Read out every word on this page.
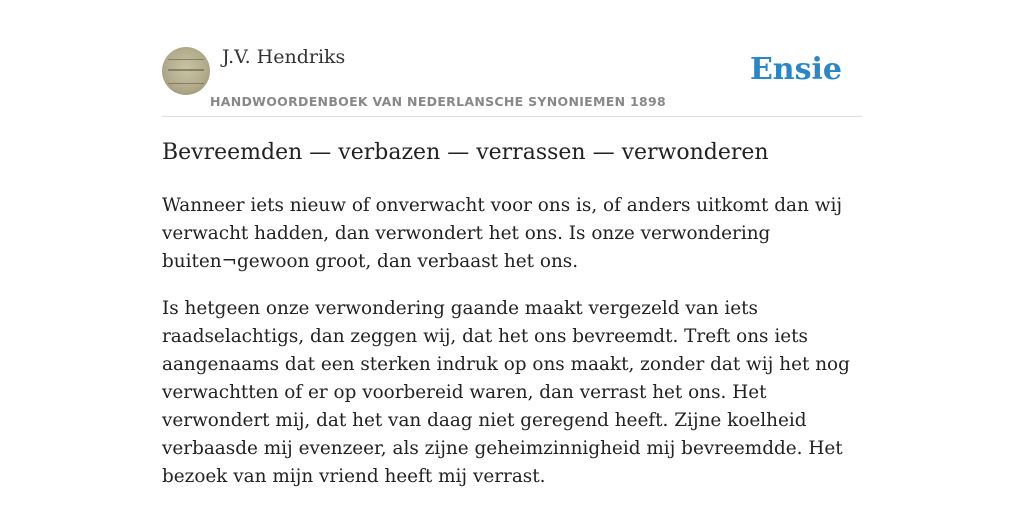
J.V. Hendriks
HANDWOORDENBOEK VAN NEDERLANSCHE SYNONIEMEN 1898
Ensie
Bevreemden — verbazen — verrassen — verwonderen

Wanneer iets nieuw of onverwacht voor ons is, of anders uitkomt dan wij verwacht hadden, dan verwondert het ons. Is onze verwondering buiten¬gewoon groot, dan verbaast het ons.

Is hetgeen onze verwondering gaande maakt vergezeld van iets raadselachtigs, dan zeggen wij, dat het ons bevreemdt. Treft ons iets aangenaams dat een sterken indruk op ons maakt, zonder dat wij het nog verwachtten of er op voorbereid waren, dan verrast het ons. Het verwondert mij, dat het van daag niet geregend heeft. Zijne koelheid verbaasde mij evenzeer, als zijne geheimzinnigheid mij bevreemdde. Het bezoek van mijn vriend heeft mij verrast.
